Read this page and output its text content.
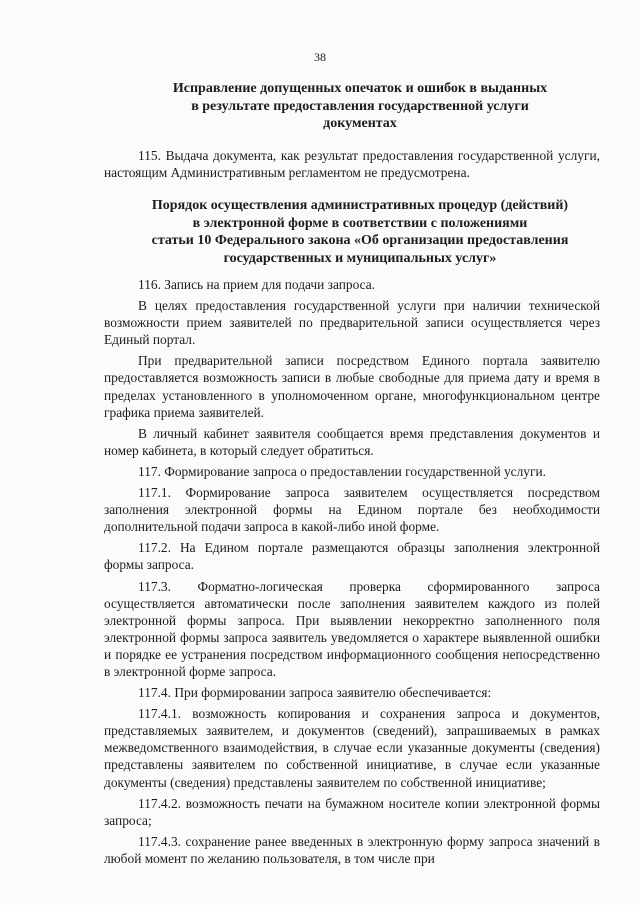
38
Исправление допущенных опечаток и ошибок в выданных
в результате предоставления государственной услуги
документах

115. Выдача документа, как результат предоставления государственной услуги, настоящим Административным регламентом не предусмотрена.

Порядок осуществления административных процедур (действий)
в электронной форме в соответствии с положениями
статьи 10 Федерального закона «Об организации предоставления
государственных и муниципальных услуг»

116. Запись на прием для подачи запроса.

В целях предоставления государственной услуги при наличии технической возможности прием заявителей по предварительной записи осуществляется через Единый портал.

При предварительной записи посредством Единого портала заявителю предоставляется возможность записи в любые свободные для приема дату и время в пределах установленного в уполномоченном органе, многофункциональном центре графика приема заявителей.

В личный кабинет заявителя сообщается время представления документов и номер кабинета, в который следует обратиться.

117. Формирование запроса о предоставлении государственной услуги.

117.1. Формирование запроса заявителем осуществляется посредством заполнения электронной формы на Едином портале без необходимости дополнительной подачи запроса в какой-либо иной форме.

117.2. На Едином портале размещаются образцы заполнения электронной формы запроса.

117.3. Форматно-логическая проверка сформированного запроса осуществляется автоматически после заполнения заявителем каждого из полей электронной формы запроса. При выявлении некорректно заполненного поля электронной формы запроса заявитель уведомляется о характере выявленной ошибки и порядке ее устранения посредством информационного сообщения непосредственно в электронной форме запроса.

117.4. При формировании запроса заявителю обеспечивается:

117.4.1. возможность копирования и сохранения запроса и документов, представляемых заявителем, и документов (сведений), запрашиваемых в рамках межведомственного взаимодействия, в случае если указанные документы (сведения) представлены заявителем по собственной инициативе, в случае если указанные документы (сведения) представлены заявителем по собственной инициативе;

117.4.2. возможность печати на бумажном носителе копии электронной формы запроса;

117.4.3. сохранение ранее введенных в электронную форму запроса значений в любой момент по желанию пользователя, в том числе при
